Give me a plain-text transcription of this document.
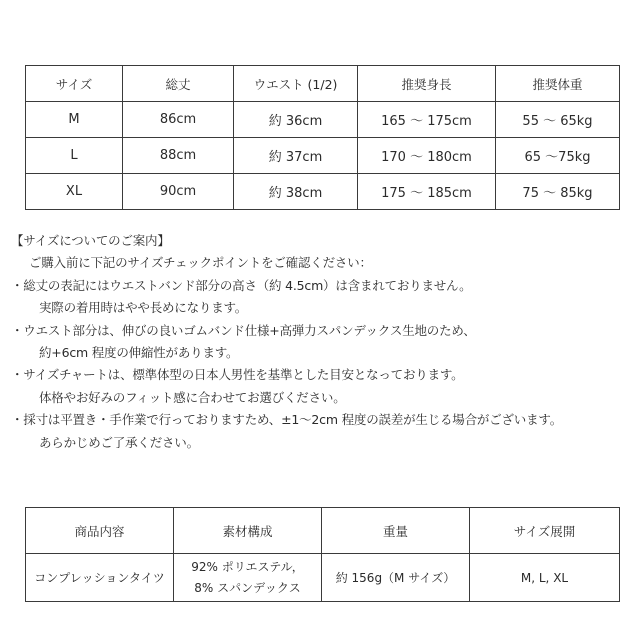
サイズ	総丈	ウエスト (1/2)	推奨身長	推奨体重
M	86cm	約 36cm	165 ～ 175cm	55 ～ 65kg
L	88cm	約 37cm	170 ～ 180cm	65 ～75kg
XL	90cm	約 38cm	175 ～ 185cm	75 ～ 85kg
【サイズについてのご案内】
ご購入前に下記のサイズチェックポイントをご確認ください：
・総丈の表記にはウエストバンド部分の高さ（約 4.5cm）は含まれておりません。
実際の着用時はやや長めになります。
・ウエスト部分は、伸びの良いゴムバンド仕様+高弾力スパンデックス生地のため、
約+6cm 程度の伸縮性があります。
・サイズチャートは、標準体型の日本人男性を基準とした目安となっております。
体格やお好みのフィット感に合わせてお選びください。
・採寸は平置き・手作業で行っておりますため、±1～2cm 程度の誤差が生じる場合がございます。
あらかじめご了承ください。
商品内容	素材構成	重量	サイズ展開
コンプレッションタイツ	92% ポリエステル，
8% スパンデックス	約 156g（M サイズ）	M, L, XL
